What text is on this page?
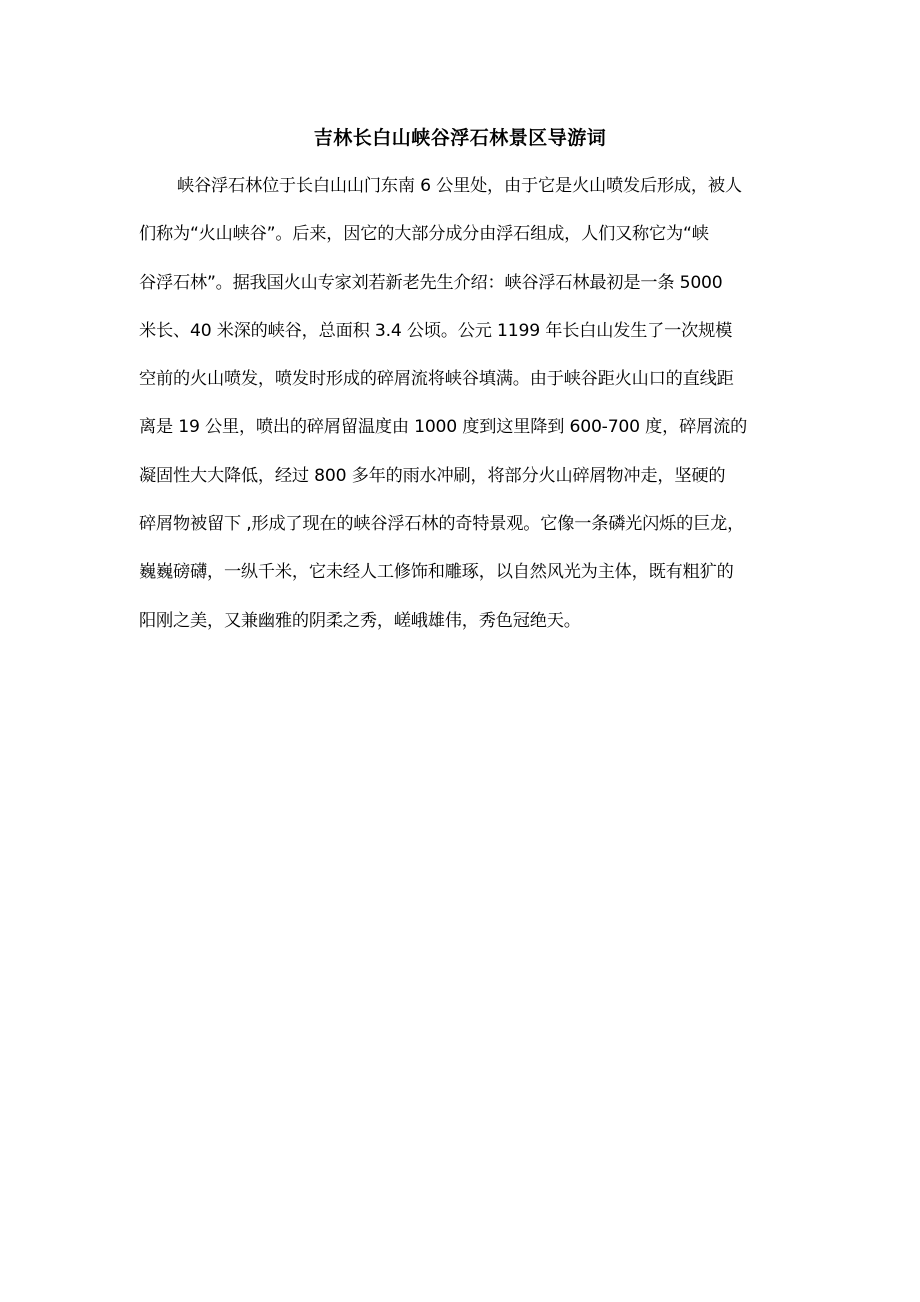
吉林长白山峡谷浮石林景区导游词
峡谷浮石林位于长白山山门东南 6 公里处，由于它是火山喷发后形成，被人
们称为“火山峡谷”。后来，因它的大部分成分由浮石组成，人们又称它为“峡
谷浮石林”。据我国火山专家刘若新老先生介绍：峡谷浮石林最初是一条 5000
米长、40 米深的峡谷，总面积 3.4 公顷。公元 1199 年长白山发生了一次规模
空前的火山喷发，喷发时形成的碎屑流将峡谷填满。由于峡谷距火山口的直线距
离是 19 公里，喷出的碎屑留温度由 1000 度到这里降到 600-700 度，碎屑流的
凝固性大大降低，经过 800 多年的雨水冲刷，将部分火山碎屑物冲走，坚硬的
碎屑物被留下 ,形成了现在的峡谷浮石林的奇特景观。它像一条磷光闪烁的巨龙，
巍巍磅礴，一纵千米，它未经人工修饰和雕琢，以自然风光为主体，既有粗犷的
阳刚之美，又兼幽雅的阴柔之秀，嵯峨雄伟，秀色冠绝天。
